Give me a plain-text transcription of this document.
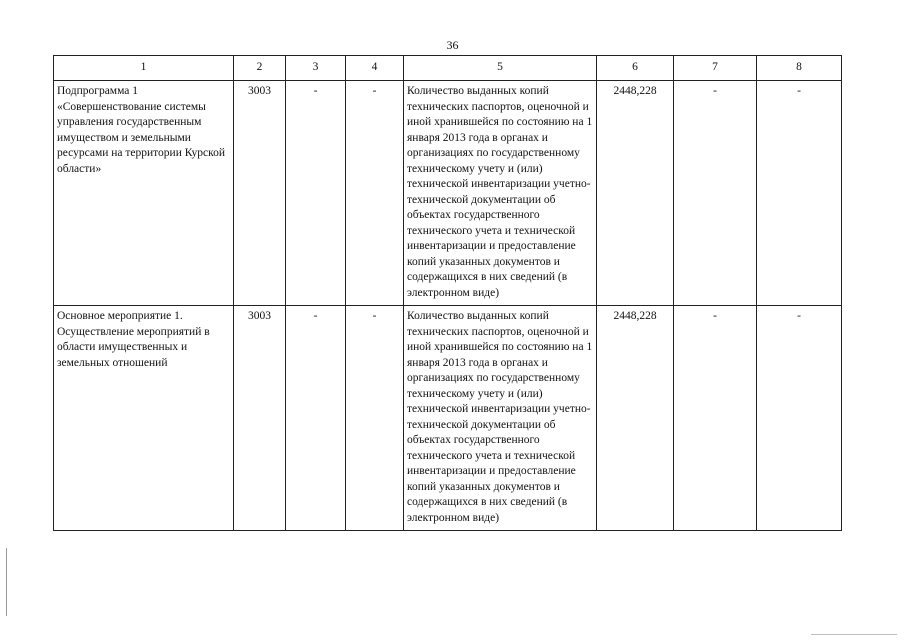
36
1	2	3	4	5	6	7	8
Подпрограмма 1 «Совершенствование системы управления государственным имуществом и земельными ресурсами на территории Курской области»	3003	-	-	Количество выданных копий технических паспортов, оценочной и иной хранившейся по состоянию на 1 января 2013 года в органах и организациях по государственному техническому учету и (или) технической инвентаризации учетно-технической документации об объектах государственного технического учета и технической инвентаризации и предоставление копий указанных документов и содержащихся в них сведений (в электронном виде)	2448,228	-	-
Основное мероприятие 1. Осуществление мероприятий в области имущественных и земельных отношений	3003	-	-	Количество выданных копий технических паспортов, оценочной и иной хранившейся по состоянию на 1 января 2013 года в органах и организациях по государственному техническому учету и (или) технической инвентаризации учетно-технической документации об объектах государственного технического учета и технической инвентаризации и предоставление копий указанных документов и содержащихся в них сведений (в электронном виде)	2448,228	-	-
